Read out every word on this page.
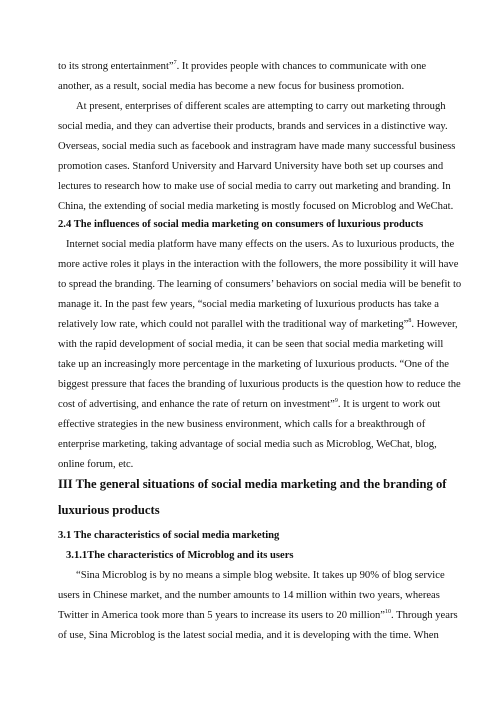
to its strong entertainment”$^7$. It provides people with chances to communicate with one
another, as a result, social media has become a new focus for business promotion.
At present, enterprises of different scales are attempting to carry out marketing through
social media, and they can advertise their products, brands and services in a distinctive way.
Overseas, social media such as facebook and instragram have made many successful business
promotion cases. Stanford University and Harvard University have both set up courses and
lectures to research how to make use of social media to carry out marketing and branding. In
China, the extending of social media marketing is mostly focused on Microblog and WeChat.
2.4 The influences of social media marketing on consumers of luxurious products
Internet social media platform have many effects on the users. As to luxurious products, the
more active roles it plays in the interaction with the followers, the more possibility it will have
to spread the branding. The learning of consumers’ behaviors on social media will be benefit to
manage it. In the past few years, “social media marketing of luxurious products has take a
relatively low rate, which could not parallel with the traditional way of marketing”$^8$. However,
with the rapid development of social media, it can be seen that social media marketing will
take up an increasingly more percentage in the marketing of luxurious products. “One of the
biggest pressure that faces the branding of luxurious products is the question how to reduce the
cost of advertising, and enhance the rate of return on investment”$^9$. It is urgent to work out
effective strategies in the new business environment, which calls for a breakthrough of
enterprise marketing, taking advantage of social media such as Microblog, WeChat, blog,
online forum, etc.
III The general situations of social media marketing and the branding of
luxurious products
3.1 The characteristics of social media marketing
3.1.1The characteristics of Microblog and its users
“Sina Microblog is by no means a simple blog website. It takes up 90% of blog service
users in Chinese market, and the number amounts to 14 million within two years, whereas
Twitter in America took more than 5 years to increase its users to 20 million”$^{10}$. Through years
of use, Sina Microblog is the latest social media, and it is developing with the time. When
